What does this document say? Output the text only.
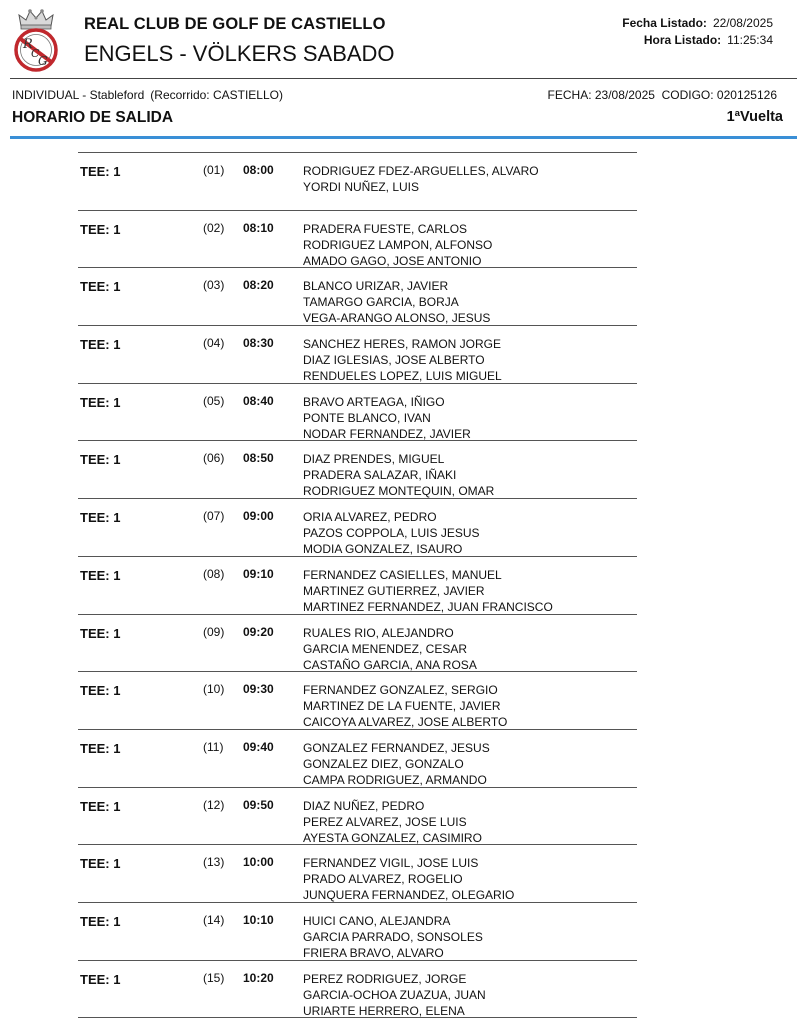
R
C
G
REAL CLUB DE GOLF DE CASTIELLO
ENGELS - VÖLKERS SABADO
Fecha Listado: 22/08/2025
Hora Listado: 11:25:34
INDIVIDUAL - Stableford (Recorrido: CASTIELLO)	FECHA: 23/08/2025  CODIGO: 020125126
HORARIO DE SALIDA	1ªVuelta
TEE: 1	(01) 08:00 RODRIGUEZ FDEZ-ARGUELLES, ALVARO
YORDI NUÑEZ, LUIS
TEE: 1	(02) 08:10 PRADERA FUESTE, CARLOS
RODRIGUEZ LAMPON, ALFONSO
AMADO GAGO, JOSE ANTONIO
TEE: 1	(03) 08:20 BLANCO URIZAR, JAVIER
TAMARGO GARCIA, BORJA
VEGA-ARANGO ALONSO, JESUS
TEE: 1	(04) 08:30 SANCHEZ HERES, RAMON JORGE
DIAZ IGLESIAS, JOSE ALBERTO
RENDUELES LOPEZ, LUIS MIGUEL
TEE: 1	(05) 08:40 BRAVO ARTEAGA, IÑIGO
PONTE BLANCO, IVAN
NODAR FERNANDEZ, JAVIER
TEE: 1	(06) 08:50 DIAZ PRENDES, MIGUEL
PRADERA SALAZAR, IÑAKI
RODRIGUEZ MONTEQUIN, OMAR
TEE: 1	(07) 09:00 ORIA ALVAREZ, PEDRO
PAZOS COPPOLA, LUIS JESUS
MODIA GONZALEZ, ISAURO
TEE: 1	(08) 09:10 FERNANDEZ CASIELLES, MANUEL
MARTINEZ GUTIERREZ, JAVIER
MARTINEZ FERNANDEZ, JUAN FRANCISCO
TEE: 1	(09) 09:20 RUALES RIO, ALEJANDRO
GARCIA MENENDEZ, CESAR
CASTAÑO GARCIA, ANA ROSA
TEE: 1	(10) 09:30 FERNANDEZ GONZALEZ, SERGIO
MARTINEZ DE LA FUENTE, JAVIER
CAICOYA ALVAREZ, JOSE ALBERTO
TEE: 1	(11) 09:40 GONZALEZ FERNANDEZ, JESUS
GONZALEZ DIEZ, GONZALO
CAMPA RODRIGUEZ, ARMANDO
TEE: 1	(12) 09:50 DIAZ NUÑEZ, PEDRO
PEREZ ALVAREZ, JOSE LUIS
AYESTA GONZALEZ, CASIMIRO
TEE: 1	(13) 10:00 FERNANDEZ VIGIL, JOSE LUIS
PRADO ALVAREZ, ROGELIO
JUNQUERA FERNANDEZ, OLEGARIO
TEE: 1	(14) 10:10 HUICI CANO, ALEJANDRA
GARCIA PARRADO, SONSOLES
FRIERA BRAVO, ALVARO
TEE: 1	(15) 10:20 PEREZ RODRIGUEZ, JORGE
GARCIA-OCHOA ZUAZUA, JUAN
URIARTE HERRERO, ELENA
